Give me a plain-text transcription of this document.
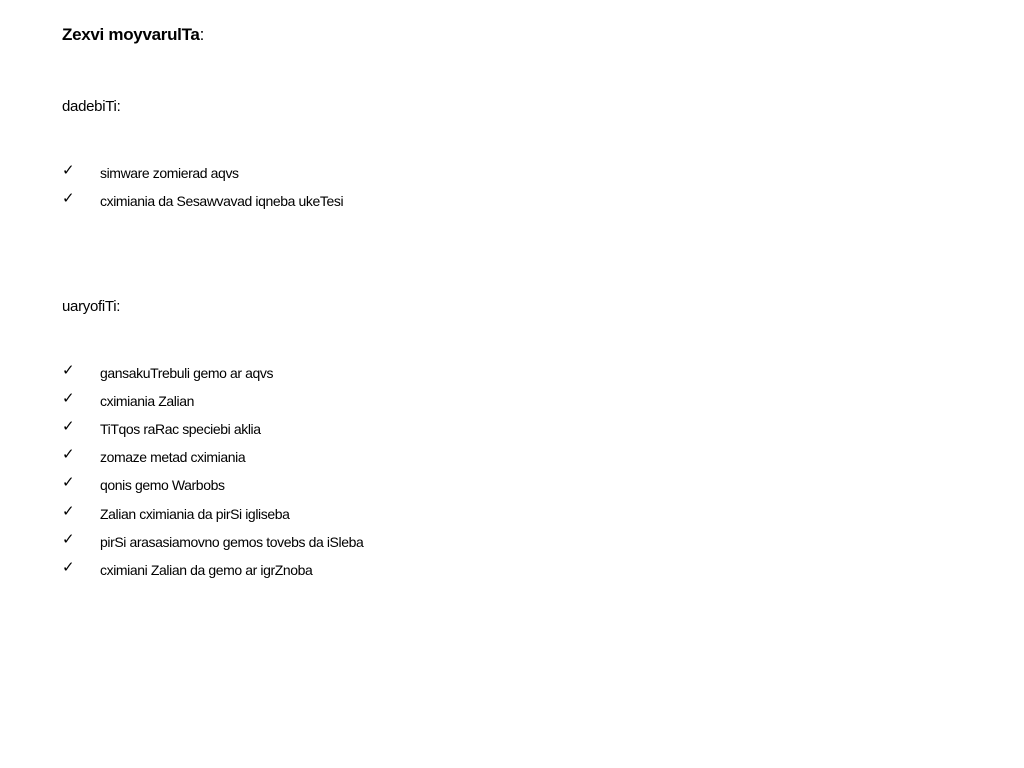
Zexvi moyvarulTa:
dadebiTi:
✓	simware zomierad aqvs
✓	cximiania da Sesawvavad iqneba ukeTesi
uaryofiTi:
✓	gansakuTrebuli gemo ar aqvs
✓	cximiania Zalian
✓	TiTqos raRac speciebi aklia
✓	zomaze metad cximiania
✓	qonis gemo Warbobs
✓	Zalian cximiania da pirSi igliseba
✓	pirSi arasasiamovno gemos tovebs da iSleba
✓	cximiani Zalian da gemo ar igrZnoba
